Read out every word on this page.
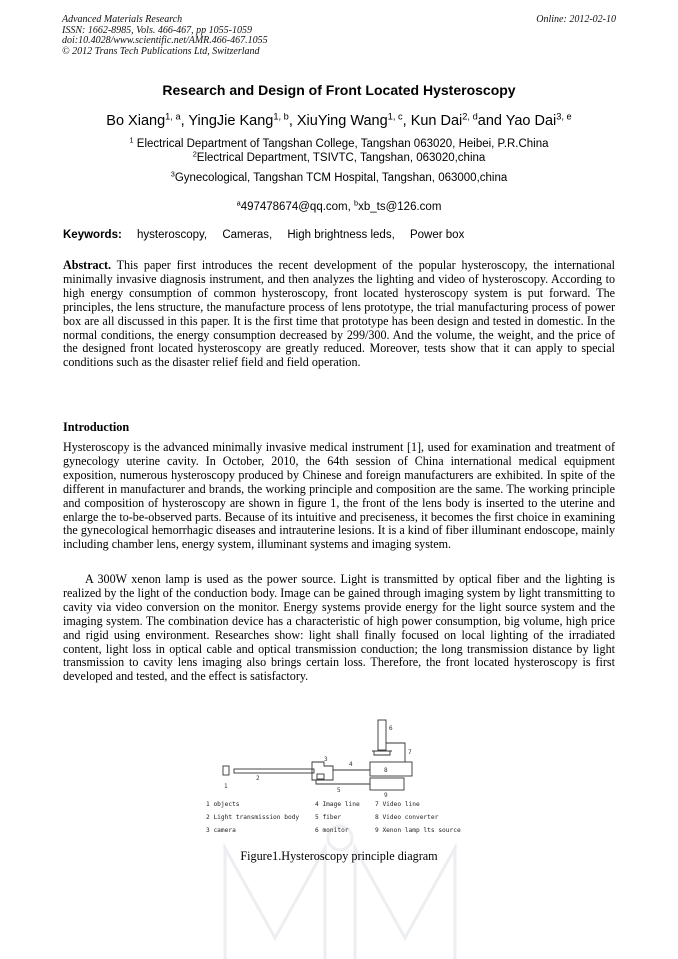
Advanced Materials Research
ISSN: 1662-8985, Vols. 466-467, pp 1055-1059
doi:10.4028/www.scientific.net/AMR.466-467.1055
© 2012 Trans Tech Publications Ltd, Switzerland
Online: 2012-02-10
Research and Design of Front Located Hysteroscopy
Bo Xiang$^{1, a}$, YingJie Kang$^{1, b}$, XiuYing Wang$^{1, c}$, Kun Dai$^{2, d}$and Yao Dai$^{3, e}$
$^1$ Electrical Department of Tangshan College, Tangshan 063020, Heibei, P.R.China
$^2$Electrical Department, TSIVTC, Tangshan, 063020,china
$^3$Gynecological, Tangshan TCM Hospital, Tangshan, 063000,china
$^a$497478674@qq.com, $^b$xb_ts@126.com
Keywords: hysteroscopy, Cameras, High brightness leds, Power box

Abstract. This paper first introduces the recent development of the popular hysteroscopy, the international minimally invasive diagnosis instrument, and then analyzes the lighting and video of hysteroscopy. According to high energy consumption of common hysteroscopy, front located hysteroscopy system is put forward. The principles, the lens structure, the manufacture process of lens prototype, the trial manufacturing process of power box are all discussed in this paper. It is the first time that prototype has been design and tested in domestic. In the normal conditions, the energy consumption decreased by 299/300. And the volume, the weight, and the price of the designed front located hysteroscopy are greatly reduced. Moreover, tests show that it can apply to special conditions such as the disaster relief field and field operation.

Introduction

Hysteroscopy is the advanced minimally invasive medical instrument [1], used for examination and treatment of gynecology uterine cavity. In October, 2010, the 64th session of China international medical equipment exposition, numerous hysteroscopy produced by Chinese and foreign manufacturers are exhibited. In spite of the different in manufacturer and brands, the working principle and composition are the same. The working principle and composition of hysteroscopy are shown in figure 1, the front of the lens body is inserted to the uterine and enlarge the to-be-observed parts. Because of its intuitive and preciseness, it becomes the first choice in examining the gynecological hemorrhagic diseases and intrauterine lesions. It is a kind of fiber illuminant endoscope, mainly including chamber lens, energy system, illuminant systems and imaging system.

A 300W xenon lamp is used as the power source. Light is transmitted by optical fiber and the lighting is realized by the light of the conduction body. Image can be gained through imaging system by light transmitting to cavity via video conversion on the monitor. Energy systems provide energy for the light source system and the imaging system. The combination device has a characteristic of high power consumption, big volume, high price and rigid using environment. Researches show: light shall finally focused on local lighting of the irradiated content, light loss in optical cable and optical transmission conduction; the long transmission distance by light transmission to cavity lens imaging also brings certain loss. Therefore, the front located hysteroscopy is first developed and tested, and the effect is satisfactory.

1
2
3
4
5
6
7
8
9
1 objects
2 Light transmission body
3 camera
4 Image line
5 fiber
6 monitor
7 Video line
8 Video converter
9 Xenon lamp lts source
Figure1.Hysteroscopy principle diagram
